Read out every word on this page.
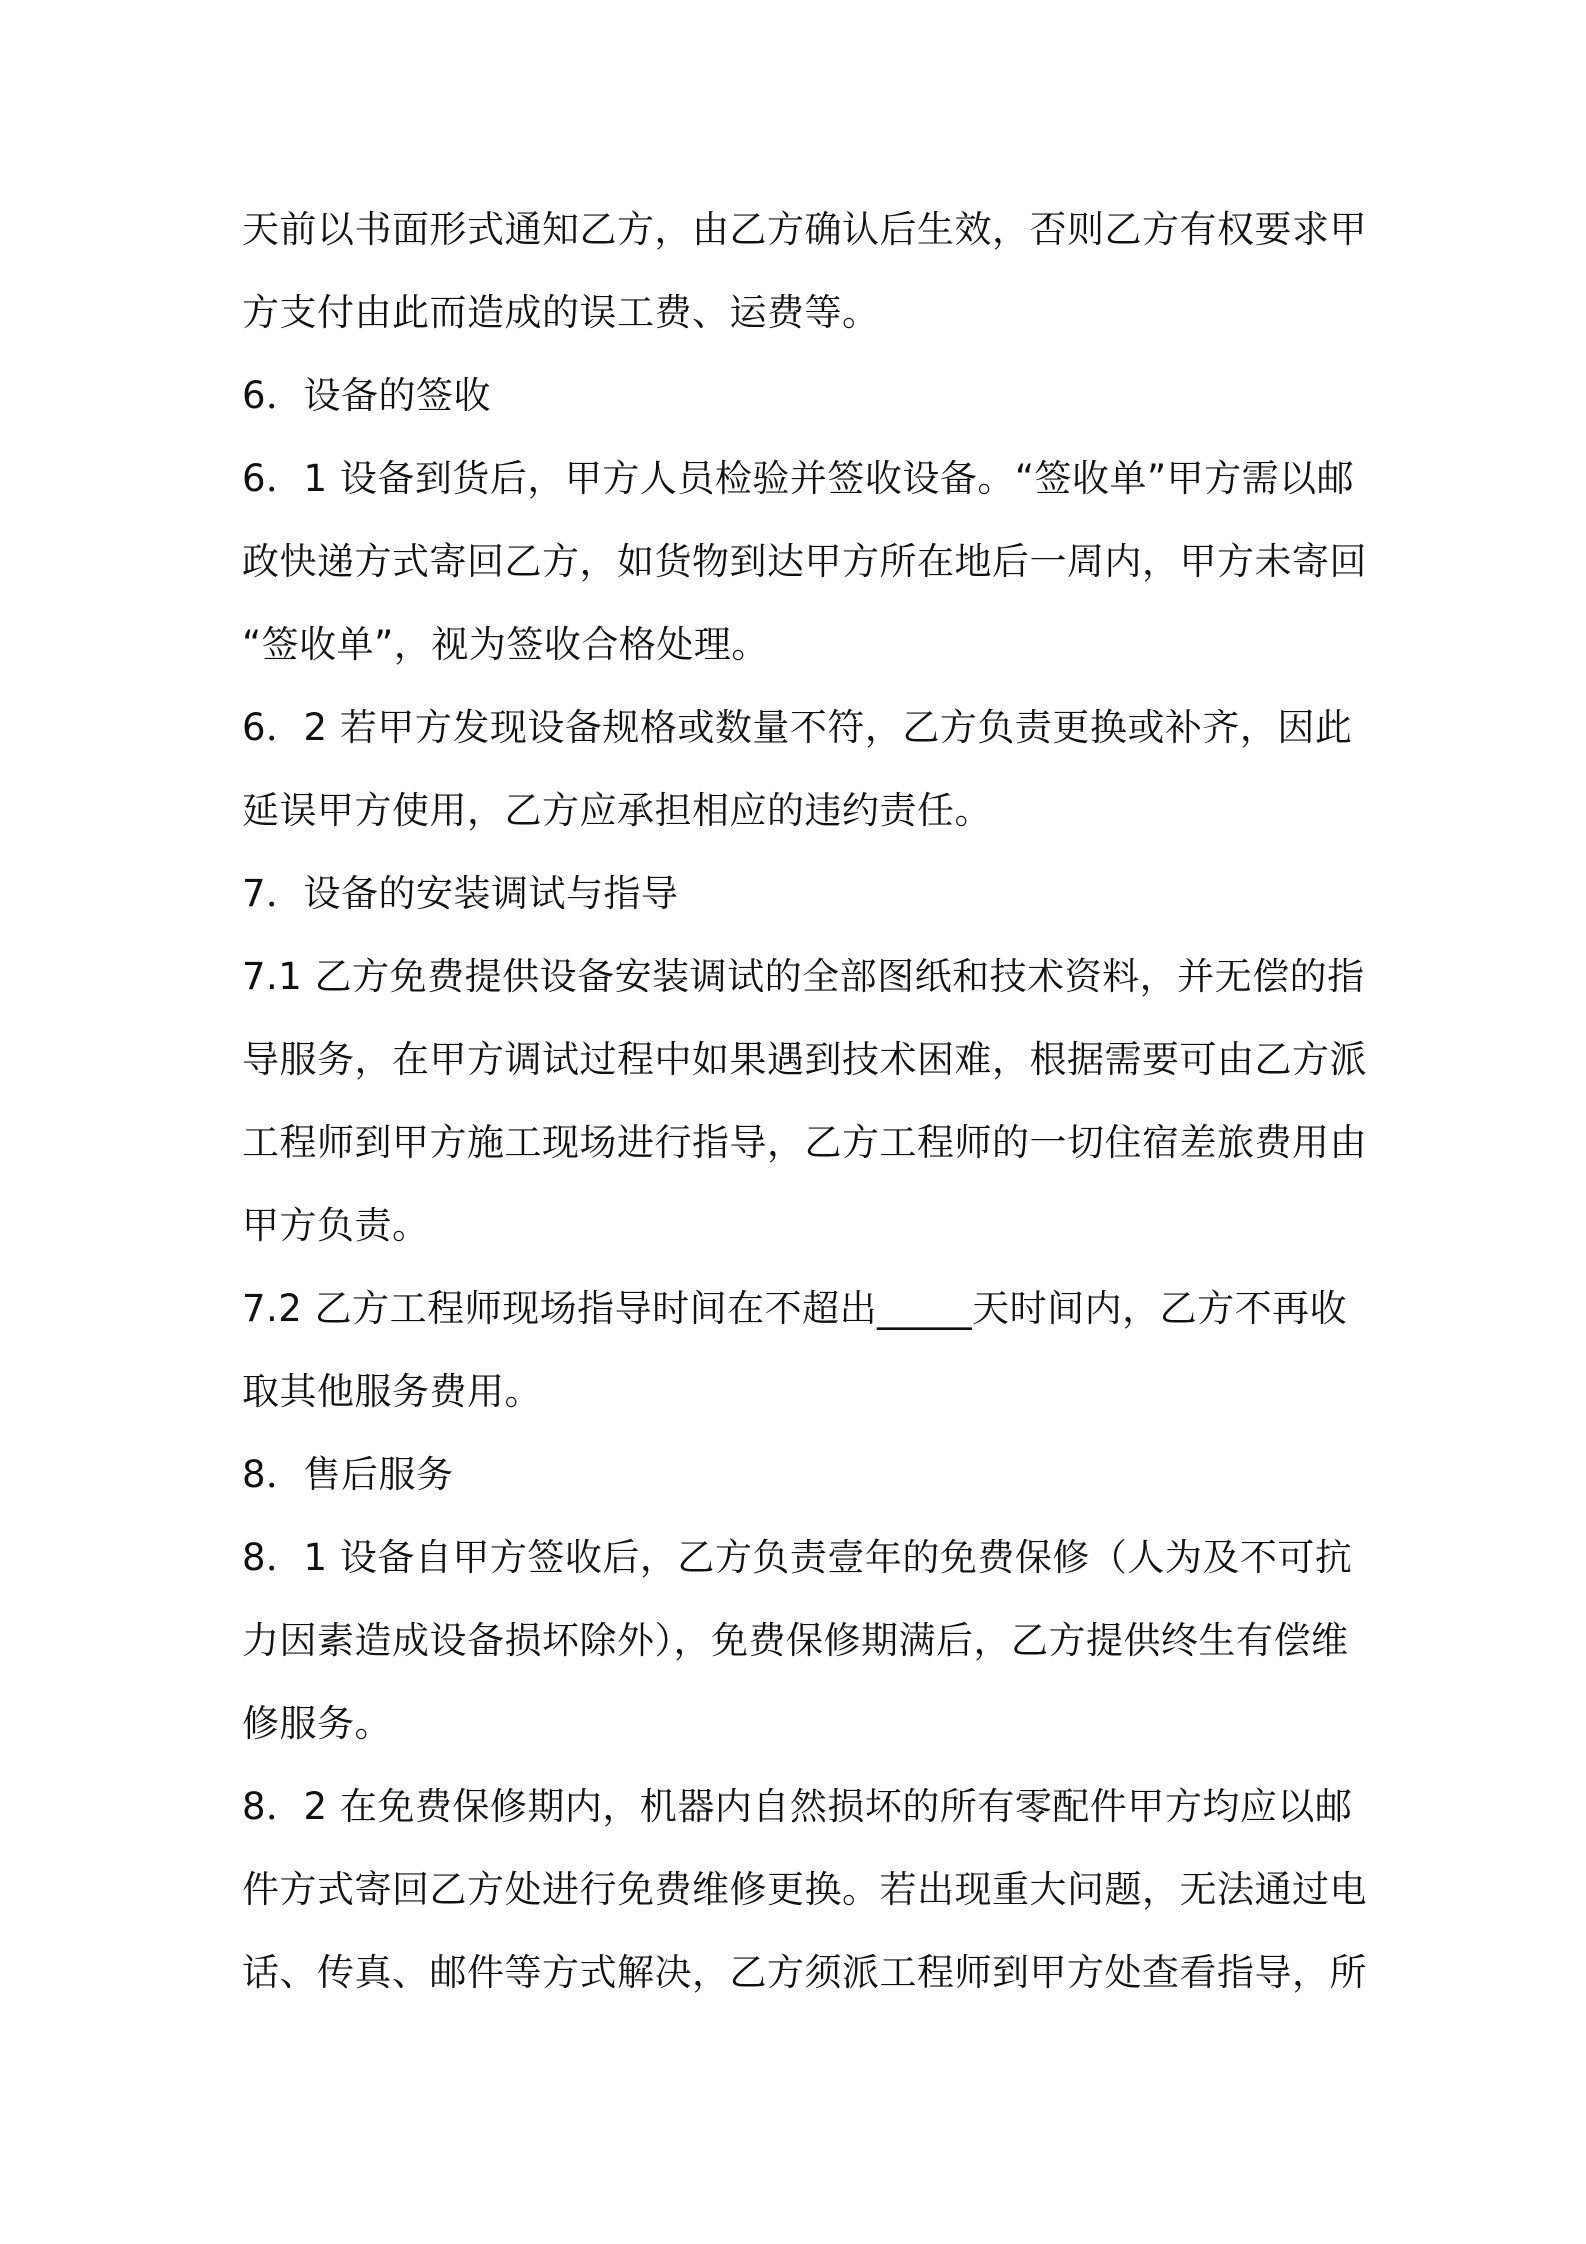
天前以书面形式通知乙方，由乙方确认后生效，否则乙方有权要求甲
方支付由此而造成的误工费、运费等。
6．设备的签收
6．1 设备到货后，甲方人员检验并签收设备。“签收单”甲方需以邮
政快递方式寄回乙方，如货物到达甲方所在地后一周内，甲方未寄回
“签收单”，视为签收合格处理。
6．2 若甲方发现设备规格或数量不符，乙方负责更换或补齐，因此
延误甲方使用，乙方应承担相应的违约责任。
7．设备的安装调试与指导
7.1 乙方免费提供设备安装调试的全部图纸和技术资料，并无偿的指
导服务，在甲方调试过程中如果遇到技术困难，根据需要可由乙方派
工程师到甲方施工现场进行指导，乙方工程师的一切住宿差旅费用由
甲方负责。
7.2 乙方工程师现场指导时间在不超出_____天时间内，乙方不再收
取其他服务费用。
8．售后服务
8．1 设备自甲方签收后，乙方负责壹年的免费保修（人为及不可抗
力因素造成设备损坏除外），免费保修期满后，乙方提供终生有偿维
修服务。
8．2 在免费保修期内，机器内自然损坏的所有零配件甲方均应以邮
件方式寄回乙方处进行免费维修更换。若出现重大问题，无法通过电
话、传真、邮件等方式解决，乙方须派工程师到甲方处查看指导，所
